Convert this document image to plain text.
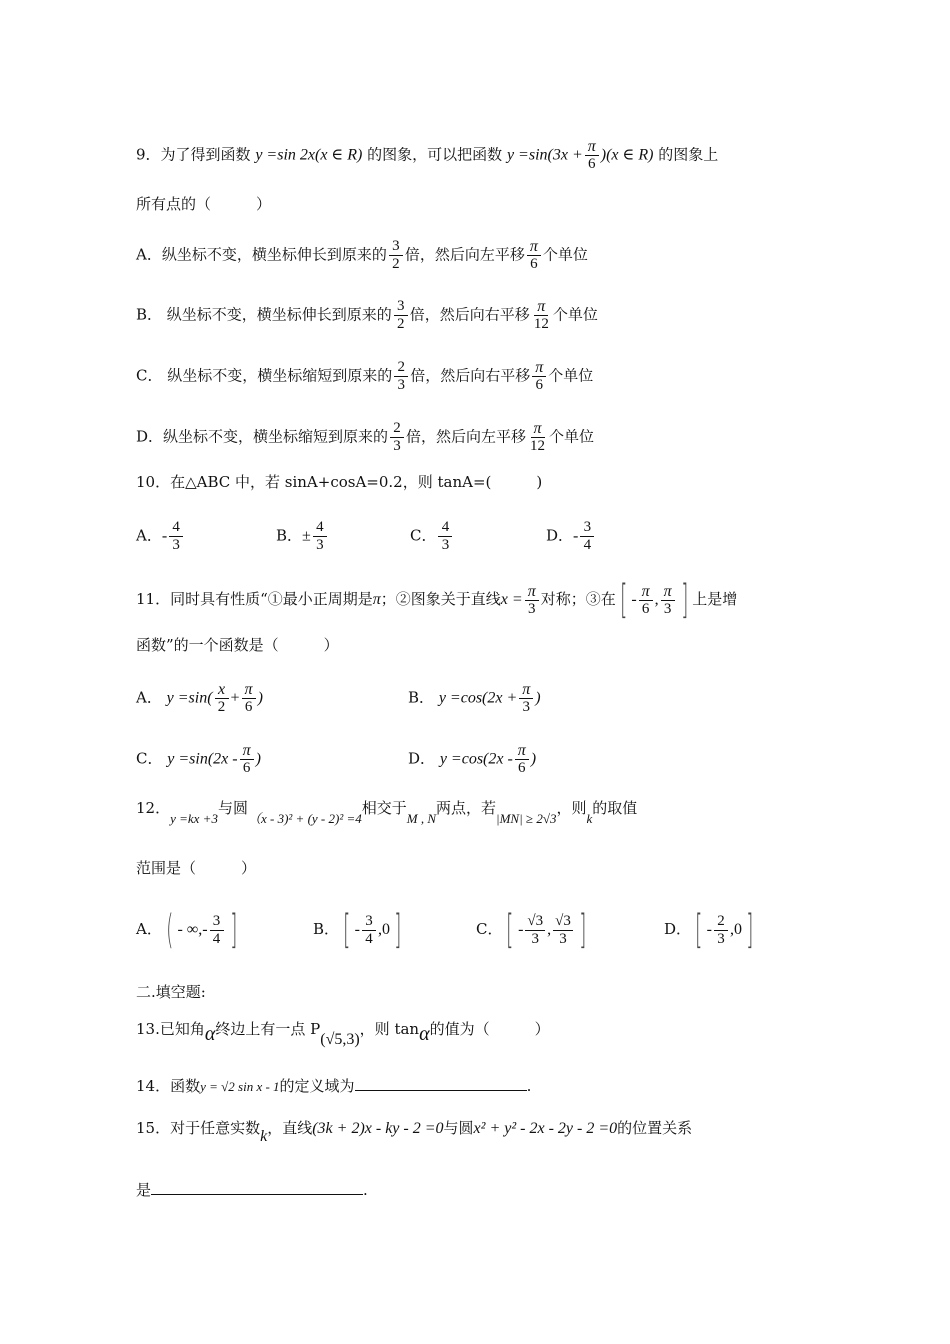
9．为了得到函数 y =sin 2x(x ∈ R) 的图象，可以把函数 $y =\sin(3x + \frac{\pi}{6} )(x$ ∈ R) 的图象上
所有点的（　　　）
A．纵坐标不变，横坐标伸长到原来的 $\frac{3}{2}$ 倍，然后向左平移 $\frac{\pi}{6}$ 个单位
B． 纵坐标不变，横坐标伸长到原来的 $\frac{3}{2}$ 倍，然后向右平移 $\frac{\pi}{12}$ 个单位
C． 纵坐标不变，横坐标缩短到原来的 $\frac{2}{3}$ 倍，然后向右平移 $\frac{\pi}{6}$ 个单位
D．纵坐标不变，横坐标缩短到原来的 $\frac{2}{3}$ 倍，然后向左平移 $\frac{\pi}{12}$ 个单位
10．在△ABC 中，若 sinA+cosA=0.2，则 tanA=(　　　)
A．- $\frac{4}{3}$	B．± $\frac{4}{3}$	C． $\frac{4}{3}$	D．- $\frac{3}{4}$
11．同时具有性质“①最小正周期是π；②图象关于直线$x = \frac{\pi}{3}$ 对称；③在 [ - $\frac{\pi}{6}$ , $\frac{\pi}{3}$ ] 上是增
函数”的一个函数是（　　　）
A． $y =\sin( \frac{x}{2} + \frac{\pi}{6}$ )	B． $y =\cos(2x + \frac{\pi}{3}$ )
C． $y =\sin(2x - \frac{\pi}{6}$ )	D． $y =\cos(2x - \frac{\pi}{6}$ )
12．y =kx +3与圆（x - 3)² + (y - 2)² =4相交于M , N两点，若|MN| ≥ 2√3，则k的取值
范围是（　　　）
A． ( - ∞,- $\frac{3}{4}$ ]	B． [ - $\frac{3}{4} ,0$ ]	C． [ - $\frac{√3}{3}$ , $\frac{√3}{3}$ ]	D． [ - $\frac{2}{3} ,0$ ]
二.填空题:
13.已知角α终边上有一点 P(√5,3)，则 tanα的值为（　　　）
14．函数y = √2 sin x - 1的定义域为	.
15．对于任意实数k，直线(3k + 2)x - ky - 2 =0与圆x² + y² - 2x - 2y - 2 =0的位置关系
是	.
